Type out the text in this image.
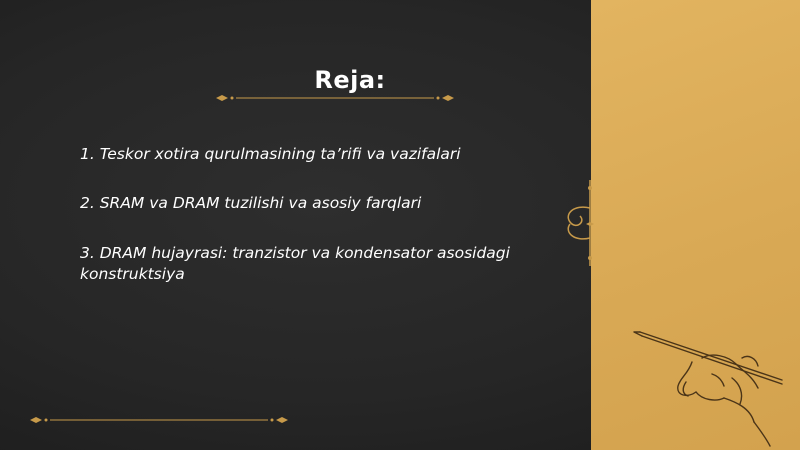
Reja:
1. Teskor xotira qurulmasining ta’rifi va vazifalari
2. SRAM va DRAM tuzilishi va asosiy farqlari
3. DRAM hujayrasi: tranzistor va kondensator asosidagi konstruktsiya
